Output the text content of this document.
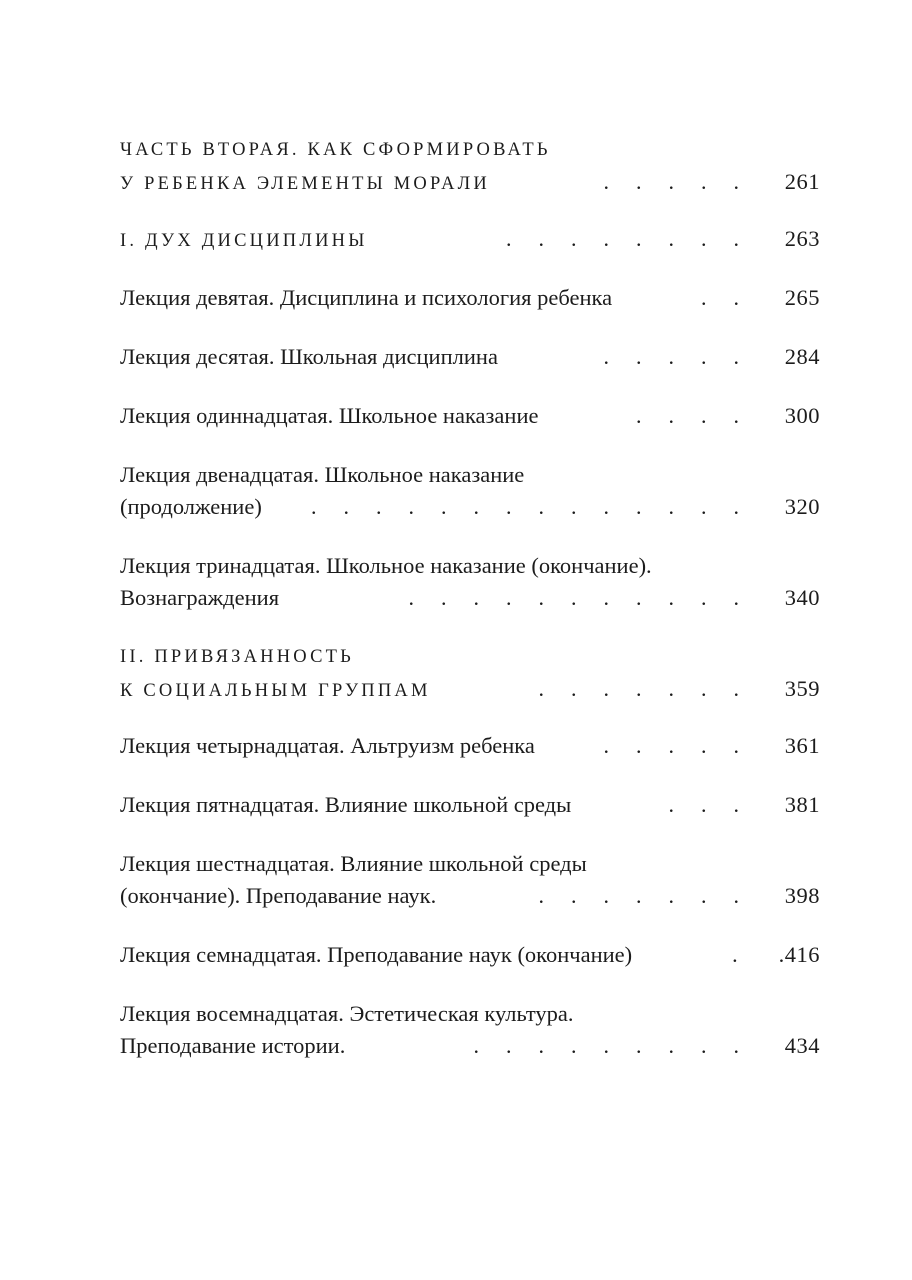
ЧАСТЬ ВТОРАЯ. КАК СФОРМИРОВАТЬ
У РЕБЕНКА ЭЛЕМЕНТЫ МОРАЛИ	..... 261
I. ДУХ ДИСЦИПЛИНЫ	........ 263
Лекция девятая. Дисциплина и психология ребенка	.. 265
Лекция десятая. Школьная дисциплина	..... 284
Лекция одиннадцатая. Школьное наказание	.... 300
Лекция двенадцатая. Школьное наказание
(продолжение)	.............. 320
Лекция тринадцатая. Школьное наказание (окончание).
Вознаграждения	........... 340
II. ПРИВЯЗАННОСТЬ
К СОЦИАЛЬНЫМ ГРУППАМ	....... 359
Лекция четырнадцатая. Альтруизм ребенка	..... 361
Лекция пятнадцатая. Влияние школьной среды	... 381
Лекция шестнадцатая. Влияние школьной среды
(окончание). Преподавание наук.	....... 398
Лекция семнадцатая. Преподавание наук (окончание)	. .416
Лекция восемнадцатая. Эстетическая культура.
Преподавание истории.	......... 434
